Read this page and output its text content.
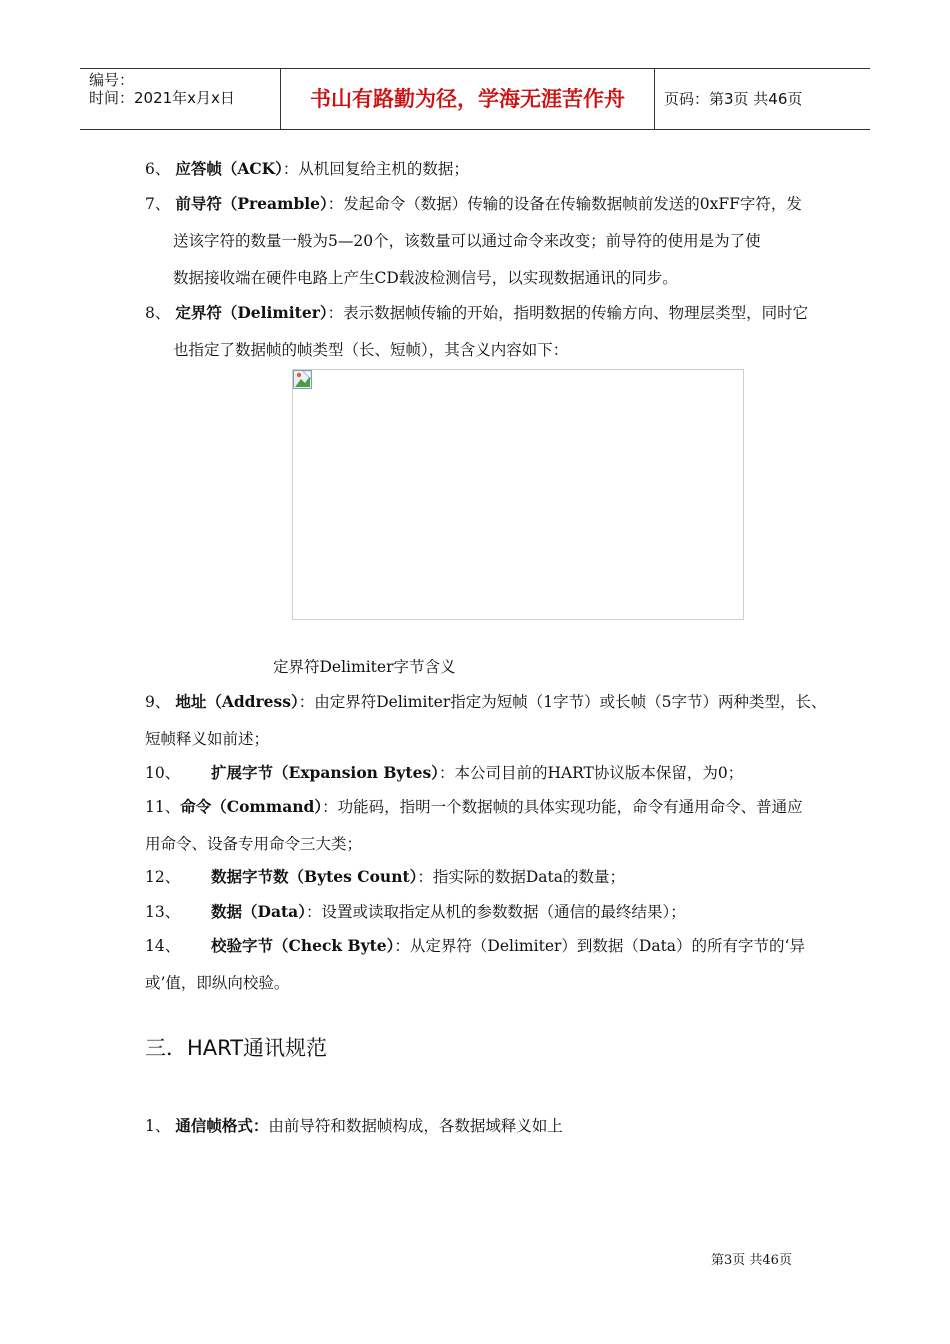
编号：
时间：2021年x月x日	书山有路勤为径，学海无涯苦作舟	页码：第3页 共46页
6、 应答帧（ACK）：从机回复给主机的数据；
7、 前导符（Preamble）：发起命令（数据）传输的设备在传输数据帧前发送的0xFF字符，发
送该字符的数量一般为5—20个，该数量可以通过命令来改变；前导符的使用是为了使
数据接收端在硬件电路上产生CD载波检测信号，以实现数据通讯的同步。
8、 定界符（Delimiter）：表示数据帧传输的开始，指明数据的传输方向、物理层类型，同时它
也指定了数据帧的帧类型（长、短帧），其含义内容如下：
定界符Delimiter字节含义
9、 地址（Address）：由定界符Delimiter指定为短帧（1字节）或长帧（5字节）两种类型，长、
短帧释义如前述；
10、 扩展字节（Expansion Bytes）：本公司目前的HART协议版本保留，为0；
11、命令（Command）：功能码，指明一个数据帧的具体实现功能，命令有通用命令、普通应
用命令、设备专用命令三大类；
12、 数据字节数（Bytes Count）：指实际的数据Data的数量；
13、 数据（Data）：设置或读取指定从机的参数数据（通信的最终结果）；
14、 校验字节（Check Byte）：从定界符（Delimiter）到数据（Data）的所有字节的‘异
或’值，即纵向校验。
三．HART通讯规范
1、 通信帧格式：由前导符和数据帧构成，各数据域释义如上
第3页 共46页
